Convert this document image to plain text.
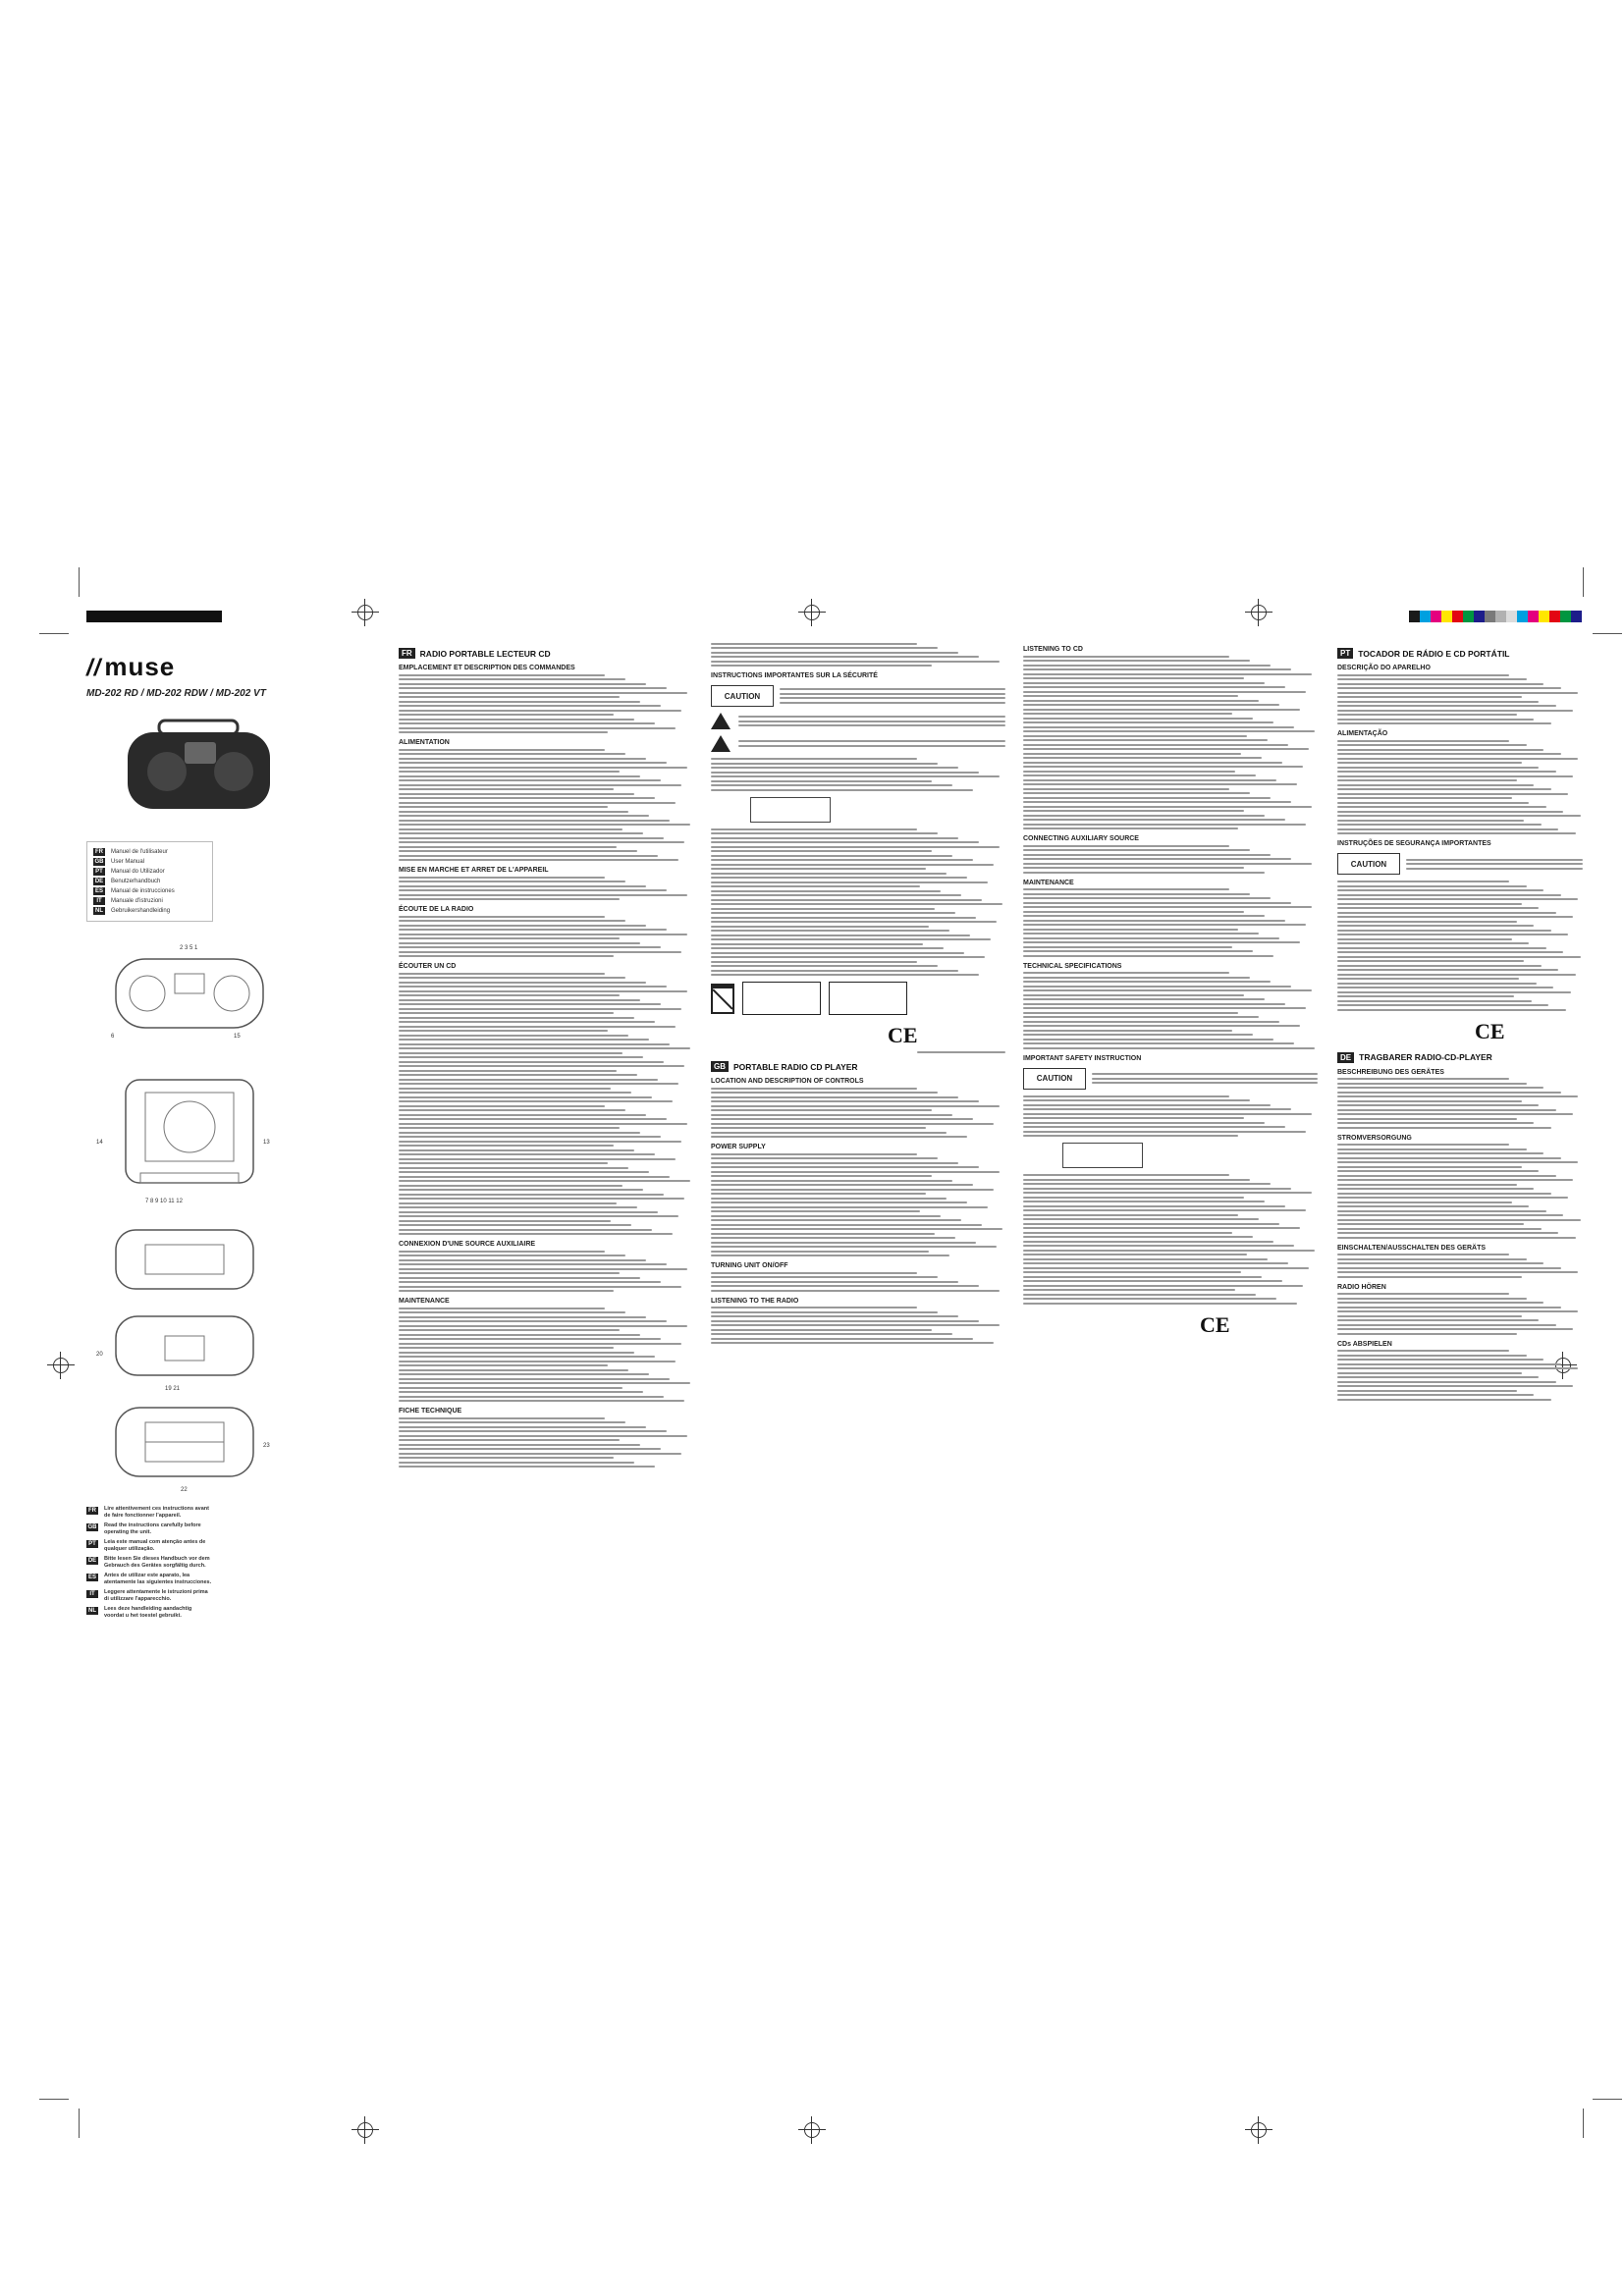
// muse
MD-202 RD / MD-202 RDW / MD-202 VT
FR	Manuel de l'utilisateur
GB User Manual
PT	Manual do Utilizador
DE	Benutzerhandbuch
ES	Manual de instrucciones
IT	Manuale d'istruzioni
NL	Gebruikershandleiding
2 3 5 1
6	15
14	13
7 8 9 10 11 12
20
19 21
22
23
FR	Lire attentivement ces instructions avant de faire fonctionner l'appareil.
GB Read the instructions carefully before operating the unit.
PT	Leia este manual com atenção antes de qualquer utilização.
DE	Bitte lesen Sie dieses Handbuch vor dem Gebrauch des Gerätes sorgfältig durch.
ES	Antes de utilizar este aparato, lea atentamente las siguientes instrucciones.
IT	Leggere attentamente le istruzioni prima di utilizzare l'apparecchio.
NL	Lees deze handleiding aandachtig voordat u het toestel gebruikt.
FR RADIO PORTABLE LECTEUR CD
EMPLACEMENT ET DESCRIPTION DES COMMANDES
ALIMENTATION
MISE EN MARCHE ET ARRET DE L'APPAREIL
ÉCOUTE DE LA RADIO
ÉCOUTER UN CD
CONNEXION D'UNE SOURCE AUXILIAIRE
MAINTENANCE
FICHE TECHNIQUE
INSTRUCTIONS IMPORTANTES SUR LA SÉCURITÉ
CAUTION
CE
GB PORTABLE RADIO CD PLAYER
LOCATION AND DESCRIPTION OF CONTROLS
POWER SUPPLY
TURNING UNIT ON/OFF
LISTENING TO THE RADIO
LISTENING TO CD
CONNECTING AUXILIARY SOURCE
MAINTENANCE
TECHNICAL SPECIFICATIONS
IMPORTANT SAFETY INSTRUCTION
CAUTION
CE
PT TOCADOR DE RÁDIO E CD PORTÁTIL
DESCRIÇÃO DO APARELHO
ALIMENTAÇÃO
INSTRUÇÕES DE SEGURANÇA IMPORTANTES
CAUTION
CE
DE TRAGBARER RADIO-CD-PLAYER
BESCHREIBUNG DES GERÄTES
STROMVERSORGUNG
EINSCHALTEN/AUSSCHALTEN DES GERÄTS
RADIO HÖREN
CDs ABSPIELEN
